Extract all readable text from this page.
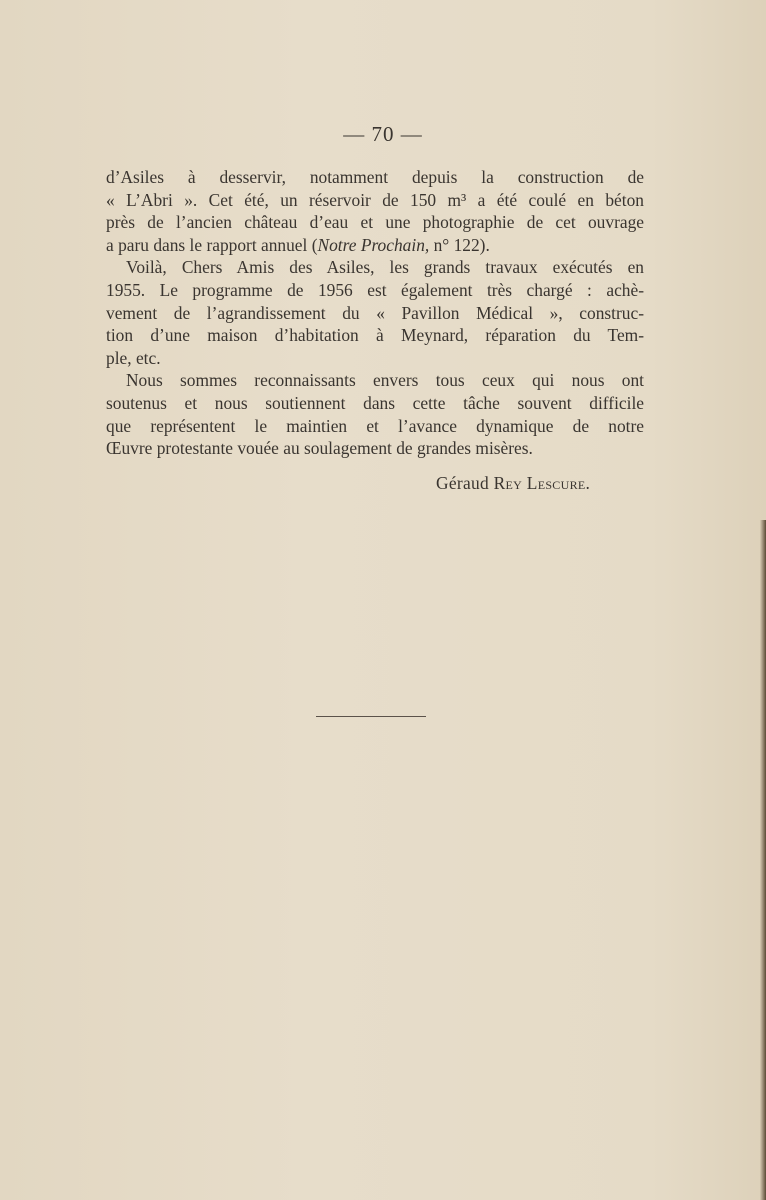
— 70 —
d’Asiles à desservir, notamment depuis la construction de
« L’Abri ». Cet été, un réservoir de 150 m³ a été coulé en béton
près de l’ancien château d’eau et une photographie de cet ouvrage
a paru dans le rapport annuel (Notre Prochain, n° 122).
Voilà, Chers Amis des Asiles, les grands travaux exécutés en
1955. Le programme de 1956 est également très chargé : achè-
vement de l’agrandissement du « Pavillon Médical », construc-
tion d’une maison d’habitation à Meynard, réparation du Tem-
ple, etc.
Nous sommes reconnaissants envers tous ceux qui nous ont
soutenus et nous soutiennent dans cette tâche souvent difficile
que représentent le maintien et l’avance dynamique de notre
Œuvre protestante vouée au soulagement de grandes misères.
Géraud Rey Lescure.
